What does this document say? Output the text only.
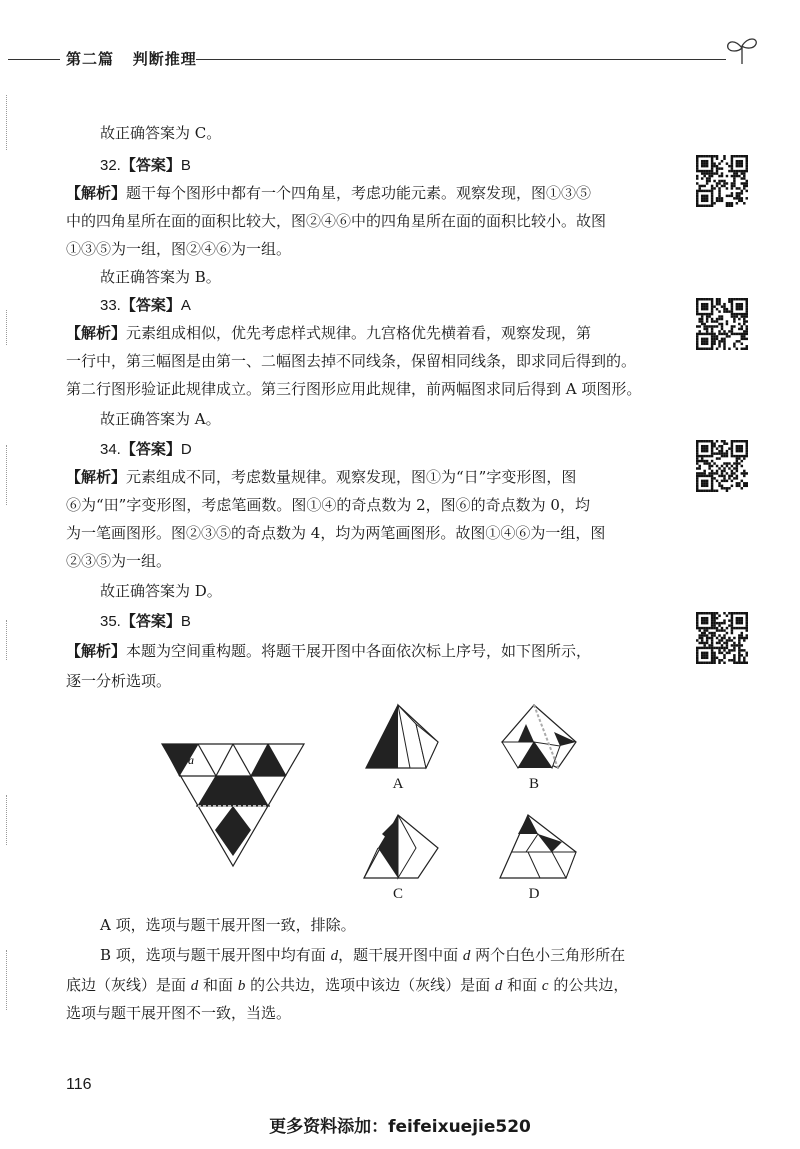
第二篇 判断推理
故正确答案为 C。
32.【答案】B
【解析】题干每个图形中都有一个四角星，考虑功能元素。观察发现，图①③⑤
中的四角星所在面的面积比较大，图②④⑥中的四角星所在面的面积比较小。故图
①③⑤为一组，图②④⑥为一组。
故正确答案为 B。
33.【答案】A
【解析】元素组成相似，优先考虑样式规律。九宫格优先横着看，观察发现，第
一行中，第三幅图是由第一、二幅图去掉不同线条，保留相同线条，即求同后得到的。
第二行图形验证此规律成立。第三行图形应用此规律，前两幅图求同后得到 A 项图形。
故正确答案为 A。
34.【答案】D
【解析】元素组成不同，考虑数量规律。观察发现，图①为“日”字变形图，图
⑥为“田”字变形图，考虑笔画数。图①④的奇点数为 2，图⑥的奇点数为 0，均
为一笔画图形。图②③⑤的奇点数为 4，均为两笔画图形。故图①④⑥为一组，图
②③⑤为一组。
故正确答案为 D。
35.【答案】B
【解析】本题为空间重构题。将题干展开图中各面依次标上序号，如下图所示，
逐一分析选项。
a
A	B
C	D
A 项，选项与题干展开图一致，排除。
B 项，选项与题干展开图中均有面 d，题干展开图中面 d 两个白色小三角形所在
底边（灰线）是面 d 和面 b 的公共边，选项中该边（灰线）是面 d 和面 c 的公共边，
选项与题干展开图不一致，当选。
116
更多资料添加：feifeixuejie520
